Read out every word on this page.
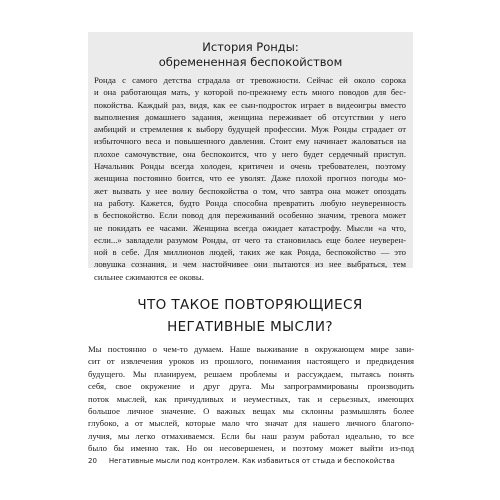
История Ронды:
обремененная беспокойством
Ронда с самого детства страдала от тревожности. Сейчас ей около сорока
и она работающая мать, у которой по-прежнему есть много поводов для бес-
покойства. Каждый раз, видя, как ее сын-подросток играет в видеоигры вместо
выполнения домашнего задания, женщина переживает об отсутствии у него
амбиций и стремления к выбору будущей профессии. Муж Ронды страдает от
избыточного веса и повышенного давления. Стоит ему начинает жаловаться на
плохое самочувствие, она беспокоится, что у него будет сердечный приступ.
Начальник Ронды всегда холоден, критичен и очень требователен, поэтому
женщина постоянно боится, что ее уволят. Даже плохой прогноз погоды мо-
жет вызвать у нее волну беспокойства о том, что завтра она может опоздать
на работу. Кажется, будто Ронда способна превратить любую неуверенность
в беспокойство. Если повод для переживаний особенно значим, тревога может
не покидать ее часами. Женщина всегда ожидает катастрофу. Мысли «а что,
если...» завладели разумом Ронды, от чего та становилась еще более неуверен-
ной в себе. Для миллионов людей, таких же как Ронда, беспокойство — это
ловушка сознания, и чем настойчивее они пытаются из нее выбраться, тем
сильнее сжимаются ее оковы.
ЧТО ТАКОЕ ПОВТОРЯЮЩИЕСЯ
НЕГАТИВНЫЕ МЫСЛИ?
Мы постоянно о чем-то думаем. Наше выживание в окружающем мире зави-
сит от извлечения уроков из прошлого, понимания настоящего и предвидения
будущего. Мы планируем, решаем проблемы и рассуждаем, пытаясь понять
себя, свое окружение и друг друга. Мы запрограммированы производить
поток мыслей, как причудливых и неуместных, так и серьезных, имеющих
большое личное значение. О важных вещах мы склонны размышлять более
глубоко, а от мыслей, которые мало что значат для нашего личного благопо-
лучия, мы легко отмахиваемся. Если бы наш разум работал идеально, то все
было бы именно так. Но он несовершенен, и поэтому может выйти из-под
20 Негативные мысли под контролем. Как избавиться от стыда и беспокойства
